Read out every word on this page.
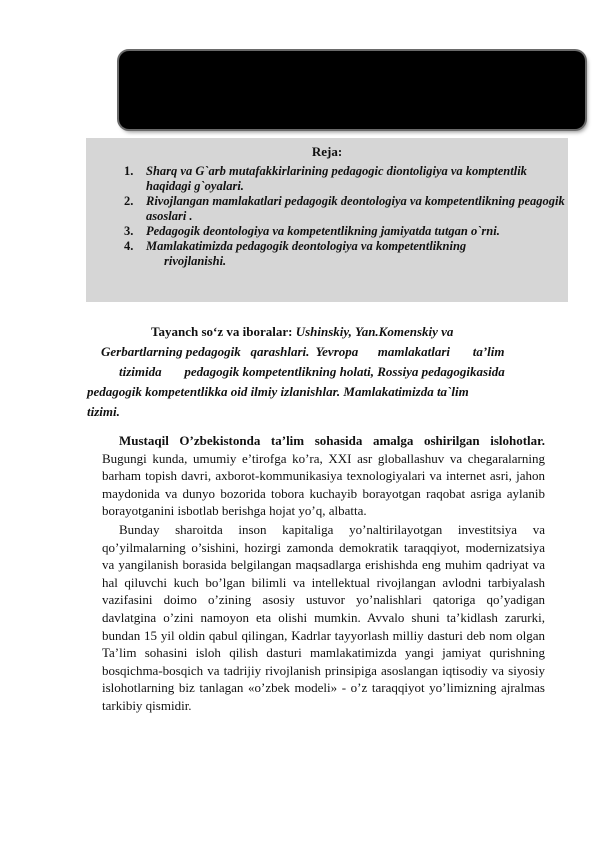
Reja:
1. Sharq va G`arb mutafakkirlarining pedagogic diontoligiya va komptentlik haqidagi g`oyalari.
2. Rivojlangan mamlakatlari pedagogik deontologiya va kompetentlikning peagogik asoslari .
3. Pedagogik deontologiya va kompetentlikning jamiyatda tutgan o`rni.
4. Mamlakatimizda pedagogik deontologiya va kompetentlikning
rivojlanishi.
Tayanch so‘z va iboralar: Ushinskiy, Yan.Komenskiy va
Gerbartlarning pedagogik   qarashlari.  Yevropa      mamlakatlari       ta’lim
tizimida       pedagogik kompetentlikning holati, Rossiya pedagogikasida
pedagogik kompetentlikka oid ilmiy izlanishlar. Mamlakatimizda ta`lim
tizimi.

Mustaqil O’zbekistonda ta’lim sohasida amalga oshirilgan islohotlar. Bugungi kunda, umumiy e’tirofga ko’ra, XXI asr globallashuv va chegaralarning barham topish davri, axborot-kommunikasiya texnologiyalari va internet asri, jahon maydonida va dunyo bozorida tobora kuchayib borayotgan raqobat asriga aylanib borayotganini isbotlab berishga hojat yo’q, albatta.

Bunday sharoitda inson kapitaliga yo’naltirilayotgan investitsiya va qo’yilmalarning o’sishini, hozirgi zamonda demokratik taraqqiyot, modernizatsiya va yangilanish borasida belgilangan maqsadlarga erishishda eng muhim qadriyat va hal qiluvchi kuch bo’lgan bilimli va intellektual rivojlangan avlodni tarbiyalash vazifasini doimo o’zining asosiy ustuvor yo’nalishlari qatoriga qo’yadigan davlatgina o’zini namoyon eta olishi mumkin. Avvalo shuni ta’kidlash zarurki, bundan 15 yil oldin qabul qilingan, Kadrlar tayyorlash milliy dasturi deb nom olgan Ta’lim sohasini isloh qilish dasturi mamlakatimizda yangi jamiyat qurishning bosqichma-bosqich va tadrijiy rivojlanish prinsipiga asoslangan iqtisodiy va siyosiy islohotlarning biz tanlagan «o’zbek modeli» - o’z taraqqiyot yo’limizning ajralmas tarkibiy qismidir.
